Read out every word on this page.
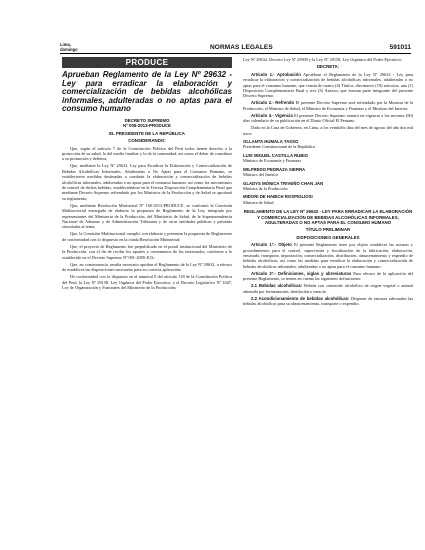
Lima,
domingo	NORMAS LEGALES	591011
PRODUCE
Aprueban Reglamento de la Ley Nº 29632 - Ley para erradicar la elaboración y comercialización de bebidas alcohólicas informales, adulteradas o no aptas para el consumo humano
DECRETO SUPREMO
Nº 005-2013-PRODUCE
EL PRESIDENTE DE LA REPÚBLICA
CONSIDERANDO:

Que, según el artículo 7 de la Constitución Política del Perú todos tienen derecho a la protección de su salud, la del medio familiar y la de la comunidad, así como el deber de contribuir a su promoción y defensa;

Que, mediante la Ley Nº 29632, Ley para Erradicar la Elaboración y Comercialización de Bebidas Alcohólicas Informales, Adulteradas o No Aptas para el Consumo Humano, se establecieron medidas destinadas a combatir la elaboración y comercialización de bebidas alcohólicas informales, adulteradas o no aptas para el consumo humano, así como los mecanismos de control de dichas bebidas, estableciéndose en la Tercera Disposición Complementaria Final que mediante Decreto Supremo refrendado por los Ministros de la Producción y de Salud se aprobará su reglamento;

Que, mediante Resolución Ministerial Nº 160-2013-PRODUCE, se conformó la Comisión Multisectorial encargada de elaborar la propuesta de Reglamento de la Ley, integrada por representantes del Ministerio de la Producción, del Ministerio de Salud, de la Superintendencia Nacional de Aduanas y de Administración Tributaria y de otras entidades públicas y privadas vinculadas al tema;

Que, la Comisión Multisectorial cumplió con elaborar y presentar la propuesta de Reglamento de conformidad con lo dispuesto en la citada Resolución Ministerial;

Que, el proyecto de Reglamento fue prepublicado en el portal institucional del Ministerio de la Producción, con el fin de recibir los aportes y comentarios de los interesados, conforme a lo establecido en el Decreto Supremo Nº 001-2009-JUS;

Que, en consecuencia, resulta necesario aprobar el Reglamento de la Ley Nº 29632, a efectos de establecer las disposiciones necesarias para su correcta aplicación;

De conformidad con lo dispuesto en el numeral 8 del artículo 118 de la Constitución Política del Perú, la Ley Nº 29158, Ley Orgánica del Poder Ejecutivo, y el Decreto Legislativo Nº 1047, Ley de Organización y Funciones del Ministerio de la Producción;

Ley Nº 29632, Decreto Ley Nº 25909 y la Ley Nº 29158, Ley Orgánica del Poder Ejecutivo;

DECRETA:

Artículo 1.- Aprobación Apruébase el Reglamento de la Ley Nº 29632 - Ley para erradicar la elaboración y comercialización de bebidas alcohólicas informales, adulteradas o no aptas para el consumo humano, que consta de cuatro (4) Títulos, diecinueve (19) artículos, una (1) Disposición Complementaria Final y tres (3) Anexos, que forman parte integrante del presente Decreto Supremo.

Artículo 2.- Refrendo El presente Decreto Supremo será refrendado por la Ministra de la Producción, el Ministro de Salud, el Ministro de Economía y Finanzas y el Ministro del Interior.

Artículo 3.- Vigencia El presente Decreto Supremo entrará en vigencia a los noventa (90) días calendario de su publicación en el Diario Oficial El Peruano.

Dado en la Casa de Gobierno, en Lima, a los veintidós días del mes de agosto del año dos mil trece.

OLLANTA HUMALA TASSO
Presidente Constitucional de la República

LUIS MIGUEL CASTILLA RUBIO
Ministro de Economía y Finanzas

WILFREDO PEDRAZA SIERRA
Ministro del Interior

GLADYS MÓNICA TRIVEÑO CHAN JAN
Ministra de la Producción

MIDORI DE HABICH ROSPIGLIOSI
Ministra de Salud

REGLAMENTO DE LA LEY Nº 29632 - LEY PARA ERRADICAR LA ELABORACIÓN Y COMERCIALIZACIÓN DE BEBIDAS ALCOHÓLICAS INFORMALES, ADULTERADAS O NO APTAS PARA EL CONSUMO HUMANO
TÍTULO PRELIMINAR
DISPOSICIONES GENERALES

Artículo 1º.- Objeto El presente Reglamento tiene por objeto establecer las normas y procedimientos para el control, supervisión y fiscalización de la fabricación, elaboración, envasado, transporte, importación, comercialización, distribución, almacenamiento y expendio de bebidas alcohólicas, así como las medidas para erradicar la elaboración y comercialización de bebidas alcohólicas informales, adulteradas o no aptas para el consumo humano.

Artículo 2º.- Definiciones, siglas y abreviaturas Para efectos de la aplicación del presente Reglamento, se tienen en cuenta las siguientes definiciones:

2.1 Bebidas alcohólicas: Bebida con contenido alcohólico de origen vegetal o animal obtenida por fermentación, destilación o mezcla.

2.2 Acondicionamiento de bebidas alcohólicas: Disponer de envases adecuados las bebidas alcohólicas para su almacenamiento, transporte o expendio.
